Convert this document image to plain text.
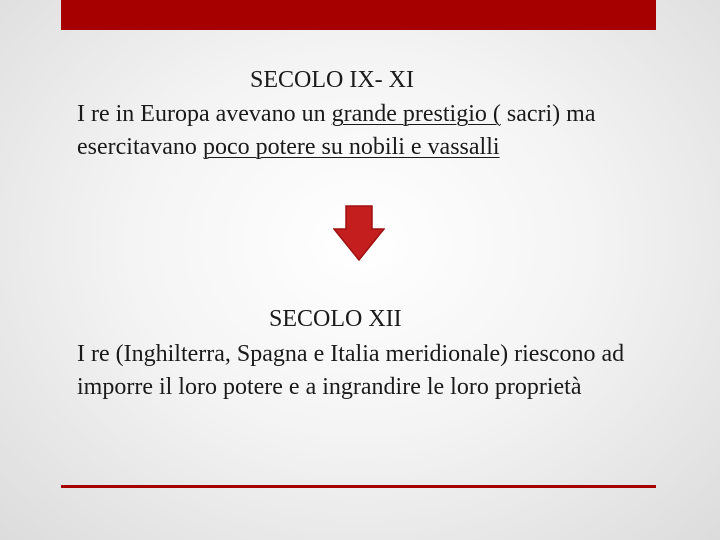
SECOLO IX- XI
I re in Europa avevano un grande prestigio ( sacri) ma esercitavano poco potere su nobili e vassalli
SECOLO XII
I re (Inghilterra, Spagna e Italia meridionale) riescono ad imporre il loro potere e a ingrandire le loro proprietà
